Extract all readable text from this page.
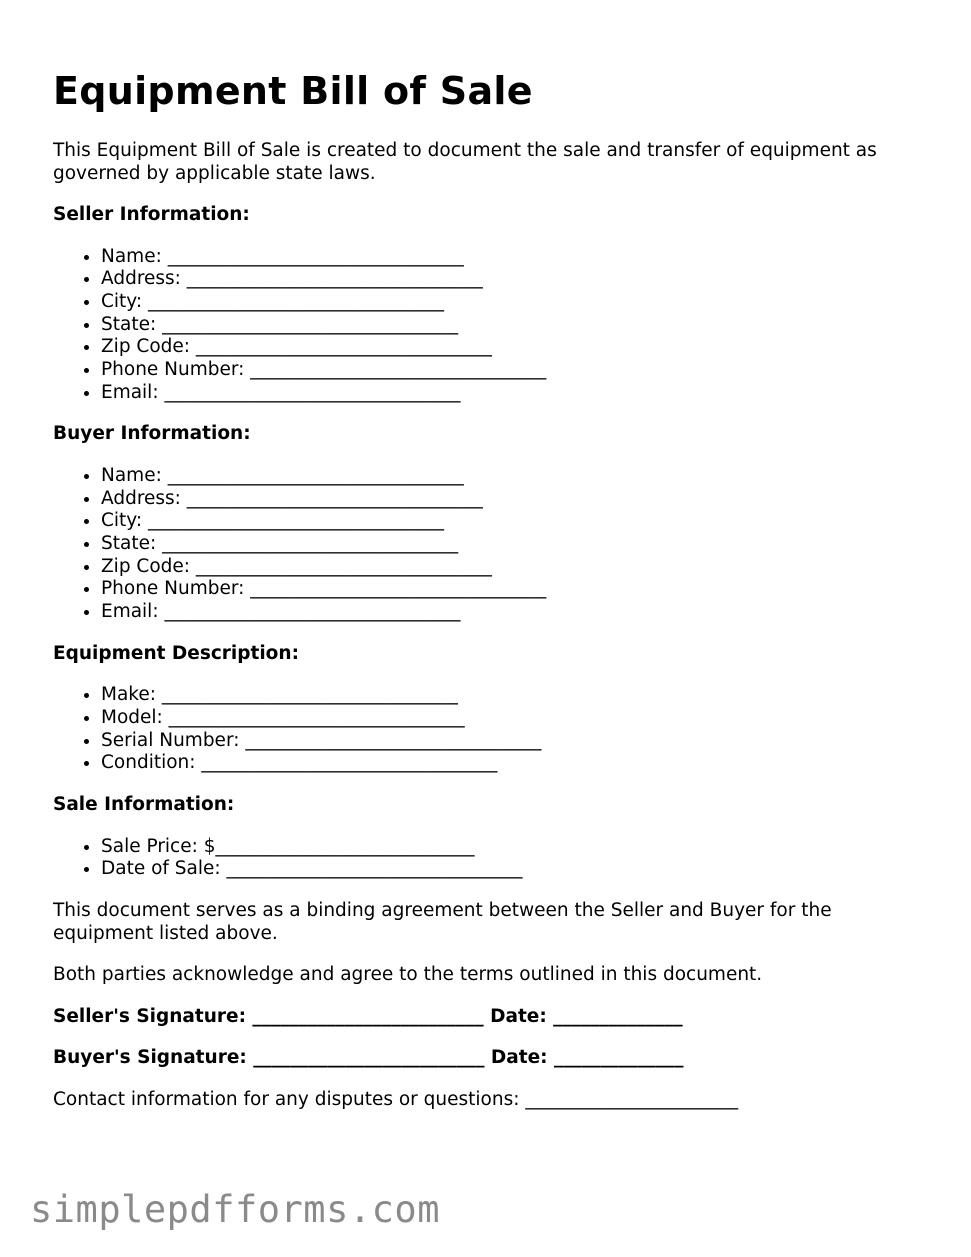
Equipment Bill of Sale

This Equipment Bill of Sale is created to document the sale and transfer of equipment as governed by applicable state laws.

Seller Information:
• Name: ________________________________
• Address: ________________________________
• City: ________________________________
• State: ________________________________
• Zip Code: ________________________________
• Phone Number: ________________________________
• Email: ________________________________
Buyer Information:
• Name: ________________________________
• Address: ________________________________
• City: ________________________________
• State: ________________________________
• Zip Code: ________________________________
• Phone Number: ________________________________
• Email: ________________________________
Equipment Description:
• Make: ________________________________
• Model: ________________________________
• Serial Number: ________________________________
• Condition: ________________________________
Sale Information:
• Sale Price: $____________________________
• Date of Sale: ________________________________

This document serves as a binding agreement between the Seller and Buyer for the equipment listed above.

Both parties acknowledge and agree to the terms outlined in this document.

Seller's Signature: _________________________ Date: ______________
Buyer's Signature: _________________________ Date: ______________
Contact information for any disputes or questions: _______________________
simplepdfforms.com
